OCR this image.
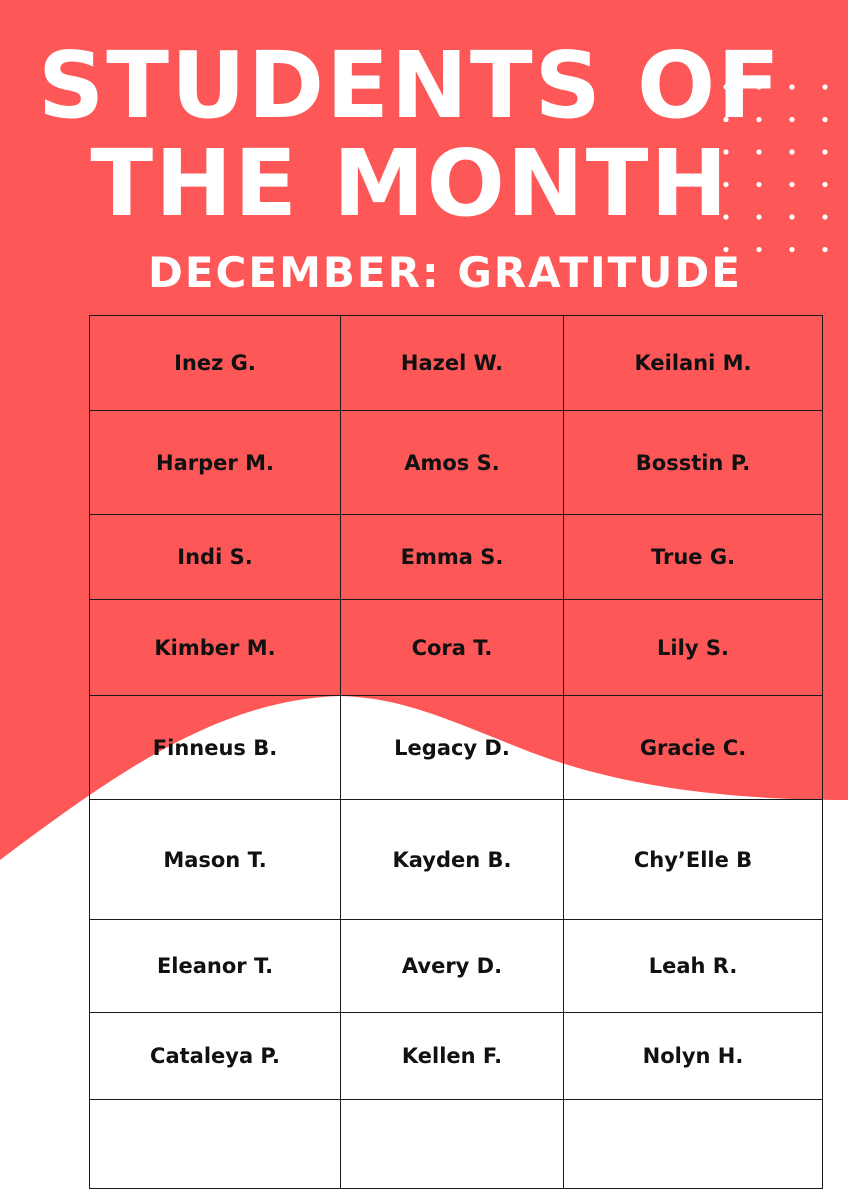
STUDENTS OF
THE MONTH
DECEMBER: GRATITUDE
Inez G.	Hazel W.	Keilani M.
Harper M.	Amos S.	Bosstin P.
Indi S.	Emma S.	True G.
Kimber M.	Cora T.	Lily S.
Finneus B.	Legacy D.	Gracie C.
Mason T.	Kayden B.	Chy’Elle B
Eleanor T.	Avery D.	Leah R.
Cataleya P.	Kellen F.	Nolyn H.
